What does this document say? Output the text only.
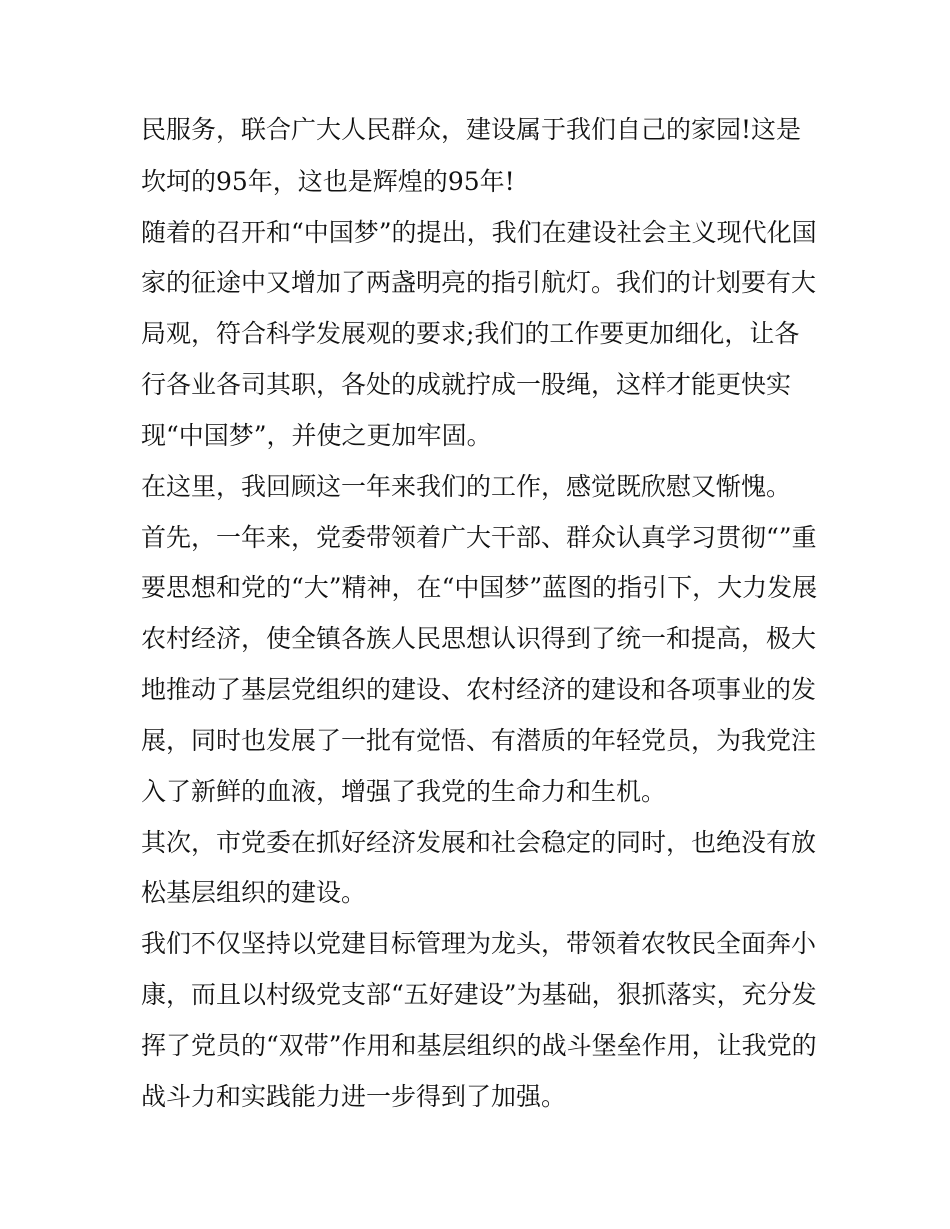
民服务，联合广大人民群众，建设属于我们自己的家园!这是

坎坷的95年，这也是辉煌的95年!

随着的召开和“中国梦”的提出，我们在建设社会主义现代化国

家的征途中又增加了两盏明亮的指引航灯。我们的计划要有大

局观，符合科学发展观的要求;我们的工作要更加细化，让各

行各业各司其职，各处的成就拧成一股绳，这样才能更快实

现“中国梦”，并使之更加牢固。

在这里，我回顾这一年来我们的工作，感觉既欣慰又惭愧。

首先，一年来，党委带领着广大干部、群众认真学习贯彻“”重

要思想和党的“大”精神，在“中国梦”蓝图的指引下，大力发展

农村经济，使全镇各族人民思想认识得到了统一和提高，极大

地推动了基层党组织的建设、农村经济的建设和各项事业的发

展，同时也发展了一批有觉悟、有潜质的年轻党员，为我党注

入了新鲜的血液，增强了我党的生命力和生机。

其次，市党委在抓好经济发展和社会稳定的同时，也绝没有放

松基层组织的建设。

我们不仅坚持以党建目标管理为龙头，带领着农牧民全面奔小

康，而且以村级党支部“五好建设”为基础，狠抓落实，充分发

挥了党员的“双带”作用和基层组织的战斗堡垒作用，让我党的

战斗力和实践能力进一步得到了加强。
